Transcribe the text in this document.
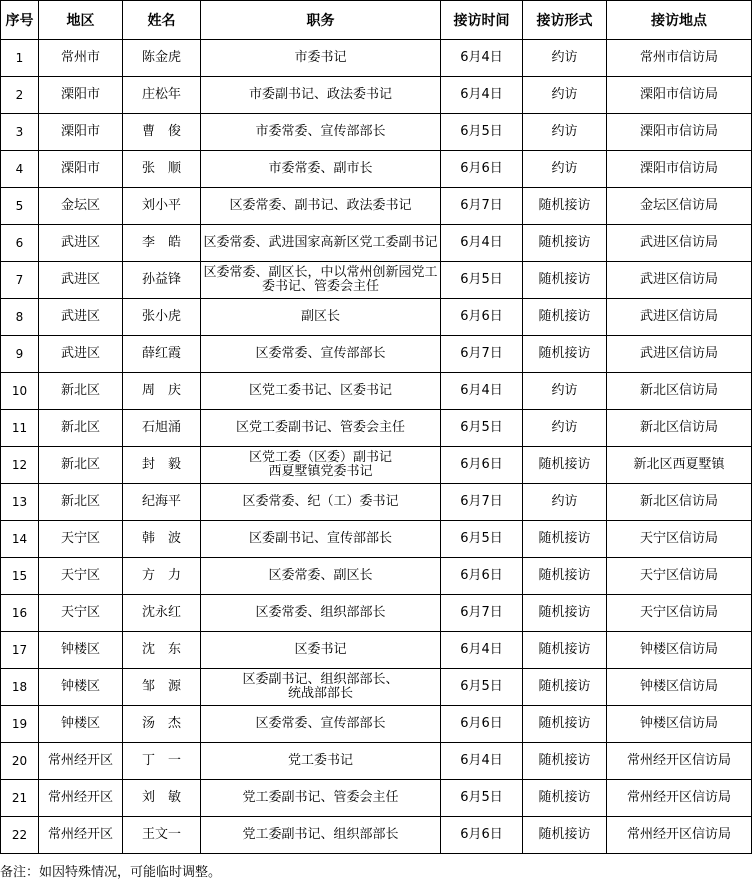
序号	地区	姓名	职务	接访时间	接访形式	接访地点
1	常州市	陈金虎	市委书记	6月4日	约访	常州市信访局
2	溧阳市	庄松年	市委副书记、政法委书记	6月4日	约访	溧阳市信访局
3	溧阳市	曹　俊	市委常委、宣传部部长	6月5日	约访	溧阳市信访局
4	溧阳市	张　顺	市委常委、副市长	6月6日	约访	溧阳市信访局
5	金坛区	刘小平	区委常委、副书记、政法委书记	6月7日	随机接访	金坛区信访局
6	武进区	李　皓	区委常委、武进国家高新区党工委副书记	6月4日	随机接访	武进区信访局
7	武进区	孙益锋	区委常委、副区长，中以常州创新园党工委书记、管委会主任	6月5日	随机接访	武进区信访局
8	武进区	张小虎	副区长	6月6日	随机接访	武进区信访局
9	武进区	薛红霞	区委常委、宣传部部长	6月7日	随机接访	武进区信访局
10	新北区	周　庆	区党工委书记、区委书记	6月4日	约访	新北区信访局
11	新北区	石旭涌	区党工委副书记、管委会主任	6月5日	约访	新北区信访局
12	新北区	封　毅	区党工委（区委）副书记
西夏墅镇党委书记	6月6日	随机接访	新北区西夏墅镇
13	新北区	纪海平	区委常委、纪（工）委书记	6月7日	约访	新北区信访局
14	天宁区	韩　波	区委副书记、宣传部部长	6月5日	随机接访	天宁区信访局
15	天宁区	方　力	区委常委、副区长	6月6日	随机接访	天宁区信访局
16	天宁区	沈永红	区委常委、组织部部长	6月7日	随机接访	天宁区信访局
17	钟楼区	沈　东	区委书记	6月4日	随机接访	钟楼区信访局
18	钟楼区	邹　源	区委副书记、组织部部长、
统战部部长	6月5日	随机接访	钟楼区信访局
19	钟楼区	汤　杰	区委常委、宣传部部长	6月6日	随机接访	钟楼区信访局
20	常州经开区	丁　一	党工委书记	6月4日	随机接访	常州经开区信访局
21	常州经开区	刘　敏	党工委副书记、管委会主任	6月5日	随机接访	常州经开区信访局
22	常州经开区	王文一	党工委副书记、组织部部长	6月6日	随机接访	常州经开区信访局
备注：如因特殊情况，可能临时调整。
